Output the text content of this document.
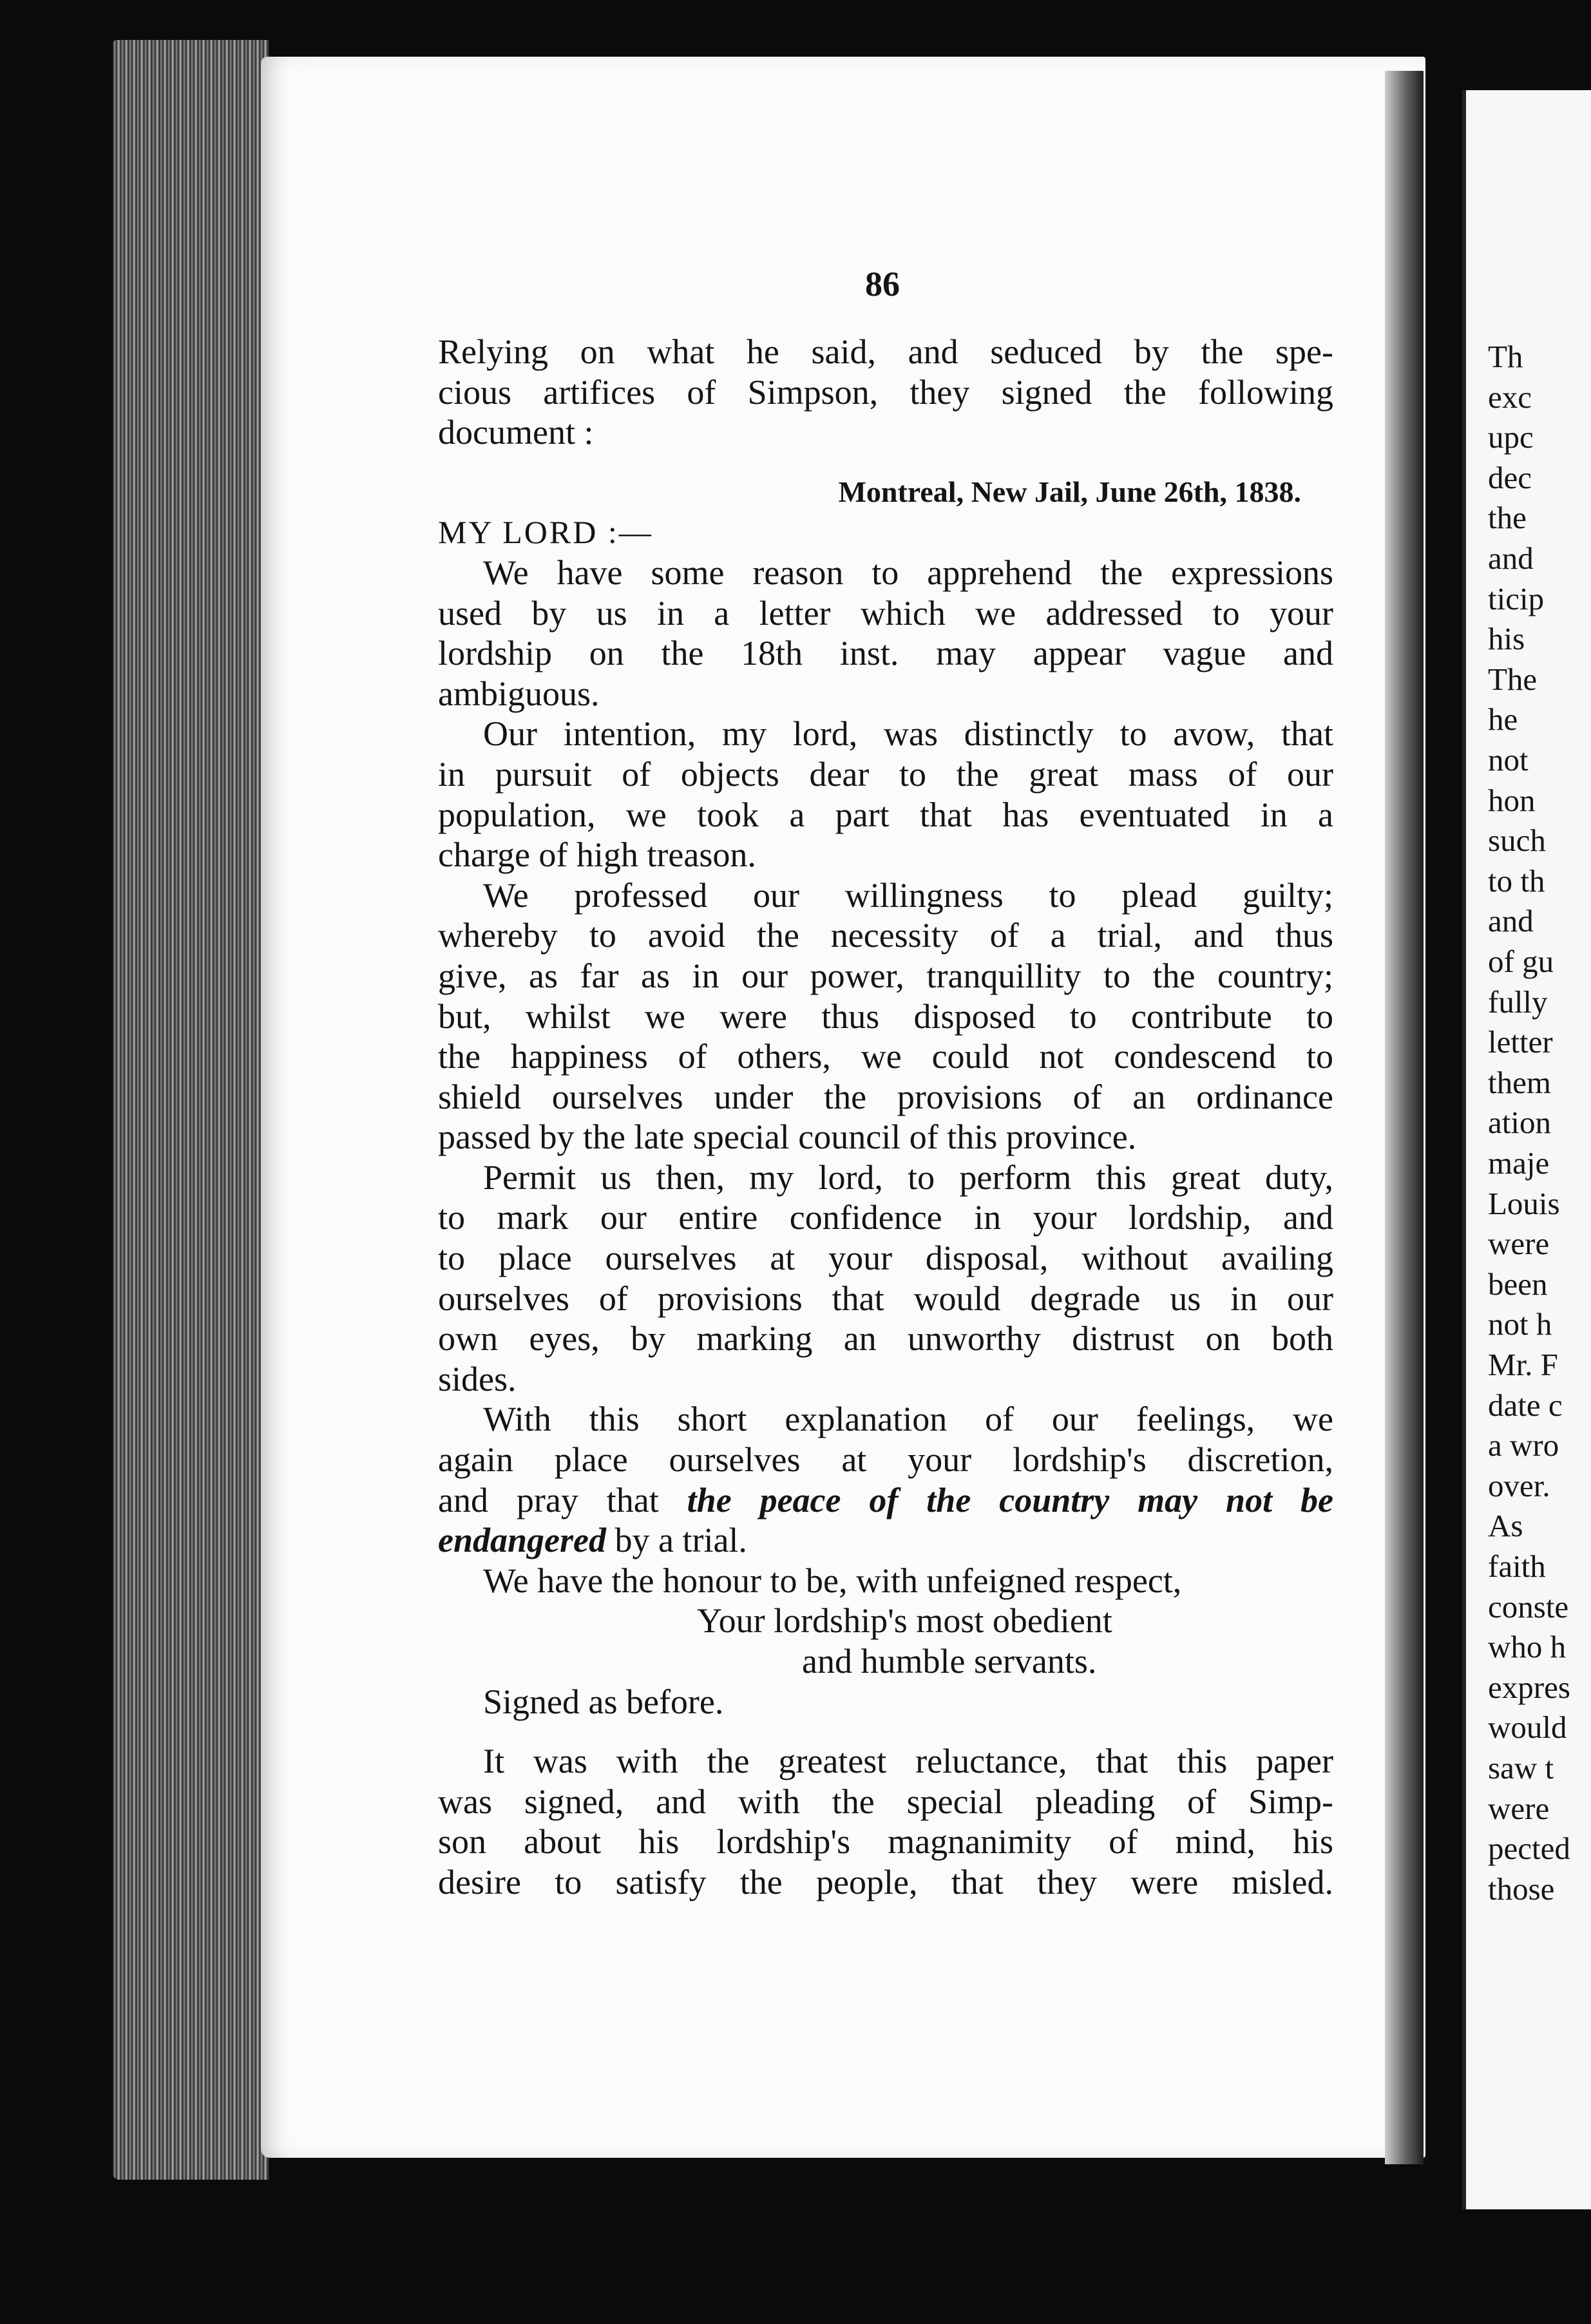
Th
exc
upc
dec
the
and
ticip
his
The
he
not
hon
such
to th
and
of gu
fully
letter
them
ation
maje
Louis
were
been
not h
Mr. F
date c
a wro
over.
As
faith
conste
who h
expres
would
saw t
were
pected
those
86
Relying on what he said, and seduced by the spe-
cious artifices of Simpson, they signed the following
document :
Montreal, New Jail, June 26th, 1838.
MY LORD :—
We have some reason to apprehend the expressions
used by us in a letter which we addressed to your
lordship on the 18th inst. may appear vague and
ambiguous.
Our intention, my lord, was distinctly to avow, that
in pursuit of objects dear to the great mass of our
population, we took a part that has eventuated in a
charge of high treason.
We professed our willingness to plead guilty;
whereby to avoid the necessity of a trial, and thus
give, as far as in our power, tranquillity to the country;
but, whilst we were thus disposed to contribute to
the happiness of others, we could not condescend to
shield ourselves under the provisions of an ordinance
passed by the late special council of this province.
Permit us then, my lord, to perform this great duty,
to mark our entire confidence in your lordship, and
to place ourselves at your disposal, without availing
ourselves of provisions that would degrade us in our
own eyes, by marking an unworthy distrust on both
sides.
With this short explanation of our feelings, we
again place ourselves at your lordship's discretion,
and pray that the peace of the country may not be
endangered by a trial.
We have the honour to be, with unfeigned respect,
Your lordship's most obedient
and humble servants.
Signed as before.
It was with the greatest reluctance, that this paper
was signed, and with the special pleading of Simp-
son about his lordship's magnanimity of mind, his
desire to satisfy the people, that they were misled.
